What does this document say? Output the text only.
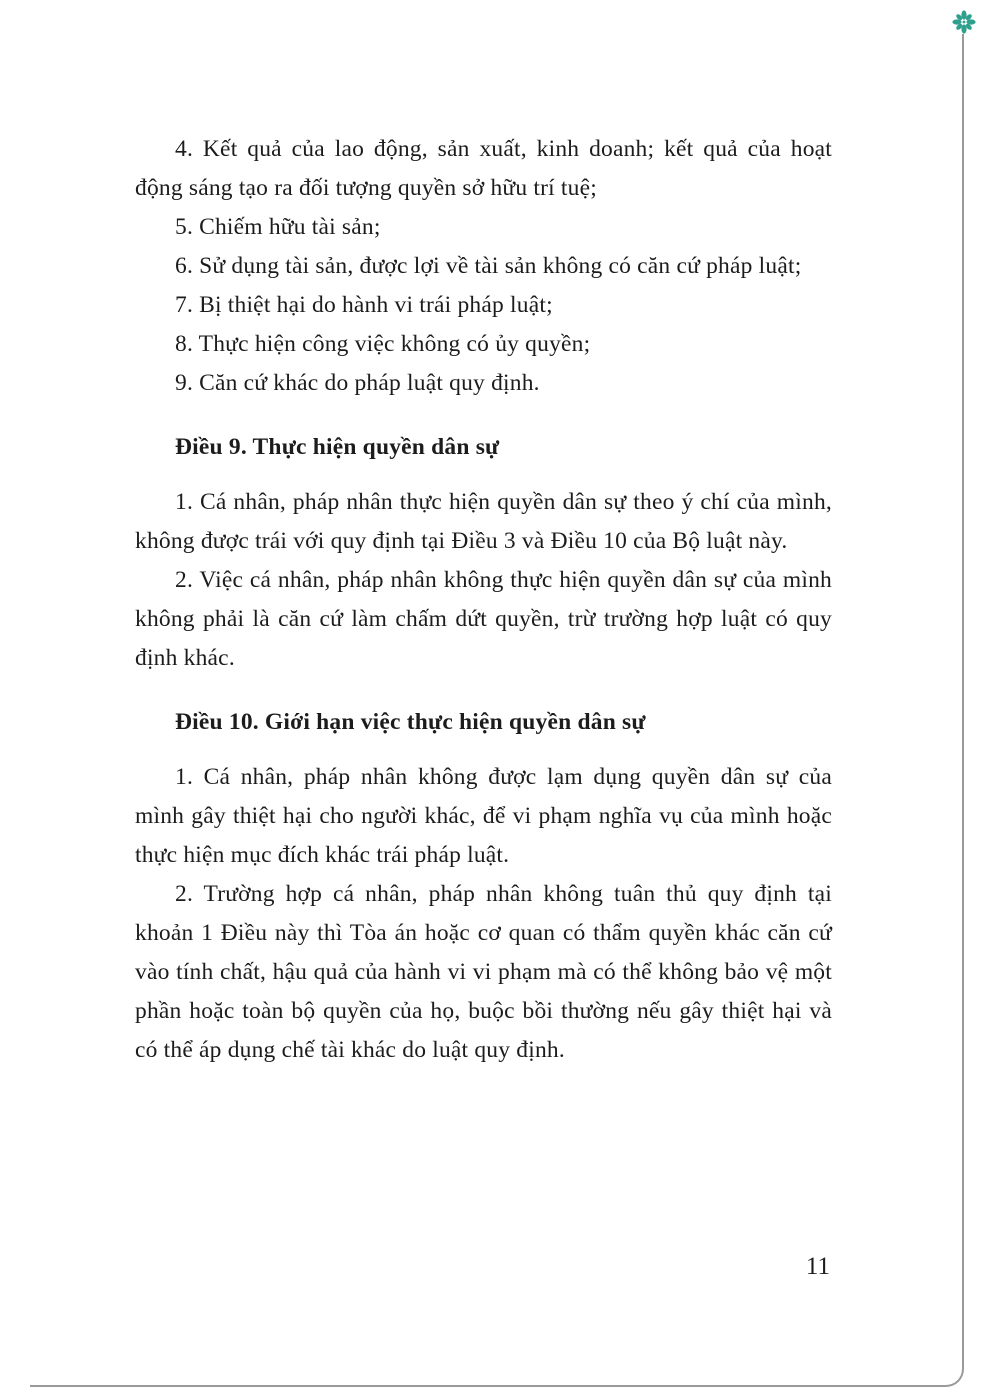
4. Kết quả của lao động, sản xuất, kinh doanh; kết quả của hoạt động sáng tạo ra đối tượng quyền sở hữu trí tuệ;

5. Chiếm hữu tài sản;

6. Sử dụng tài sản, được lợi về tài sản không có căn cứ pháp luật;

7. Bị thiệt hại do hành vi trái pháp luật;

8. Thực hiện công việc không có ủy quyền;

9. Căn cứ khác do pháp luật quy định.

Điều 9. Thực hiện quyền dân sự

1. Cá nhân, pháp nhân thực hiện quyền dân sự theo ý chí của mình, không được trái với quy định tại Điều 3 và Điều 10 của Bộ luật này.

2. Việc cá nhân, pháp nhân không thực hiện quyền dân sự của mình không phải là căn cứ làm chấm dứt quyền, trừ trường hợp luật có quy định khác.

Điều 10. Giới hạn việc thực hiện quyền dân sự

1. Cá nhân, pháp nhân không được lạm dụng quyền dân sự của mình gây thiệt hại cho người khác, để vi phạm nghĩa vụ của mình hoặc thực hiện mục đích khác trái pháp luật.

2. Trường hợp cá nhân, pháp nhân không tuân thủ quy định tại khoản 1 Điều này thì Tòa án hoặc cơ quan có thẩm quyền khác căn cứ vào tính chất, hậu quả của hành vi vi phạm mà có thể không bảo vệ một phần hoặc toàn bộ quyền của họ, buộc bồi thường nếu gây thiệt hại và có thể áp dụng chế tài khác do luật quy định.

11
